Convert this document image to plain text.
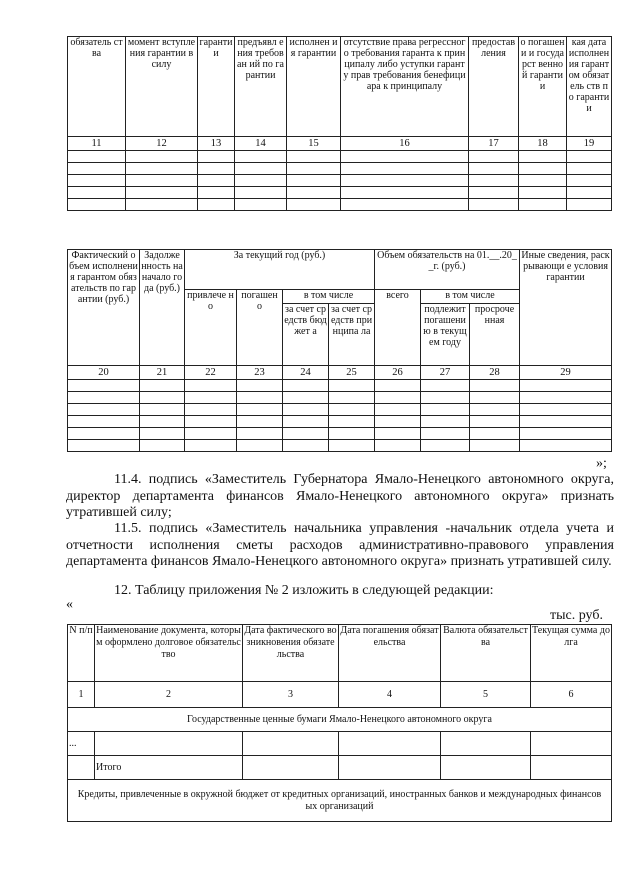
обязатель ства	момент вступления гарантии в силу	гаранти и	предъявл ения требован ий по гарантии	исполнен ия гарантии	отсутствие права регрессного требования гаранта к принципалу либо уступки гаранту прав требования бенефициара к принципалу	предостав ления	о погашени и государст венной гарантии	кая дата исполнен ия гарантом обязатель ств по гарантии
11	12	13	14	15	16	17	18	19

Фактический объем исполнения гарантом обязательств по гарантии (руб.)	Задолже нность на начало года (руб.)	За текущий год (руб.)				Объем обязательств на 01.__.20__г. (руб.)			Иные сведения, раскрывающи е условия гарантии
		привлече но	погашен о	в том числе		всего	в том числе		
				за счет средств бюджет а	за счет средств принципа ла		подлежит погашени ю в текущем году	просроче нная	
20	21	22	23	24	25	26	27	28	29

»;
11.4. подпись «Заместитель Губернатора Ямало-Ненецкого автономного округа, директор департамента финансов Ямало-Ненецкого автономного округа» признать утратившей силу;
11.5. подпись «Заместитель начальника управления -начальник отдела учета и отчетности исполнения сметы расходов административно-правового управления департамента финансов Ямало-Ненецкого автономного округа» признать утратившей силу.
12. Таблицу приложения № 2 изложить в следующей редакции:
«
тыс. руб.
N п/п	Наименование документа, которым оформлено долговое обязательство	Дата фактического возникновения обязательства	Дата погашения обязательства	Валюта обязательства	Текущая сумма долга
1	2	3	4	5	6
Государственные ценные бумаги Ямало-Ненецкого автономного округа					
...					
	Итого				
Кредиты, привлеченные в окружной бюджет от кредитных организаций, иностранных банков и международных финансовых организаций					
